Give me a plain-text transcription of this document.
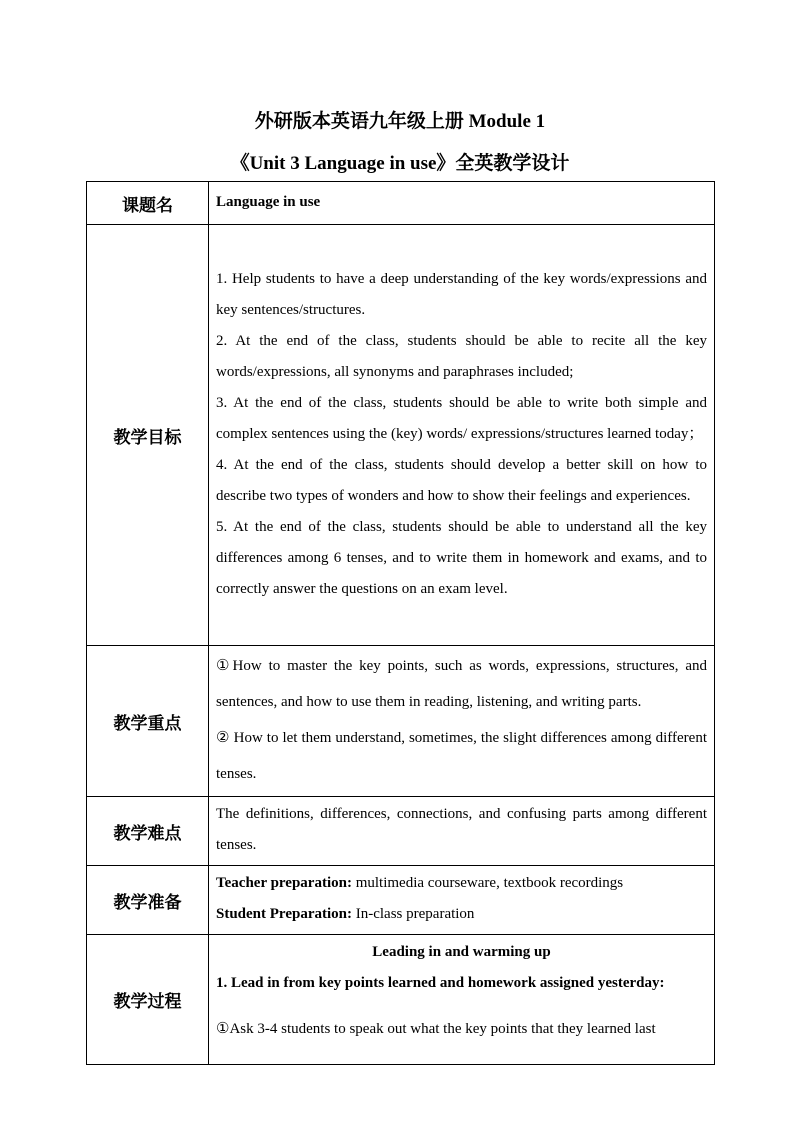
外研版本英语九年级上册 Module 1
《Unit 3 Language in use》全英教学设计
课题名	Language in use
教学目标	1. Help students to have a deep understanding of the key words/expressions and key sentences/structures.

2. At the end of the class, students should be able to recite all the key words/expressions, all synonyms and paraphrases included;

3. At the end of the class, students should be able to write both simple and complex sentences using the (key) words/ expressions/structures learned today；

4. At the end of the class, students should develop a better skill on how to describe two types of wonders and how to show their feelings and experiences.

5. At the end of the class, students should be able to understand all the key differences among 6 tenses, and to write them in homework and exams, and to correctly answer the questions on an exam level.

教学重点	①How to master the key points, such as words, expressions, structures, and sentences, and how to use them in reading, listening, and writing parts.

② How to let them understand, sometimes, the slight differences among different tenses.

教学难点	The definitions, differences, connections, and confusing parts among different tenses.

教学准备	Teacher preparation: multimedia courseware, textbook recordings

Student Preparation: In-class preparation

教学过程	Leading in and warming up

1. Lead in from key points learned and homework assigned yesterday:

①Ask 3-4 students to speak out what the key points that they learned last
